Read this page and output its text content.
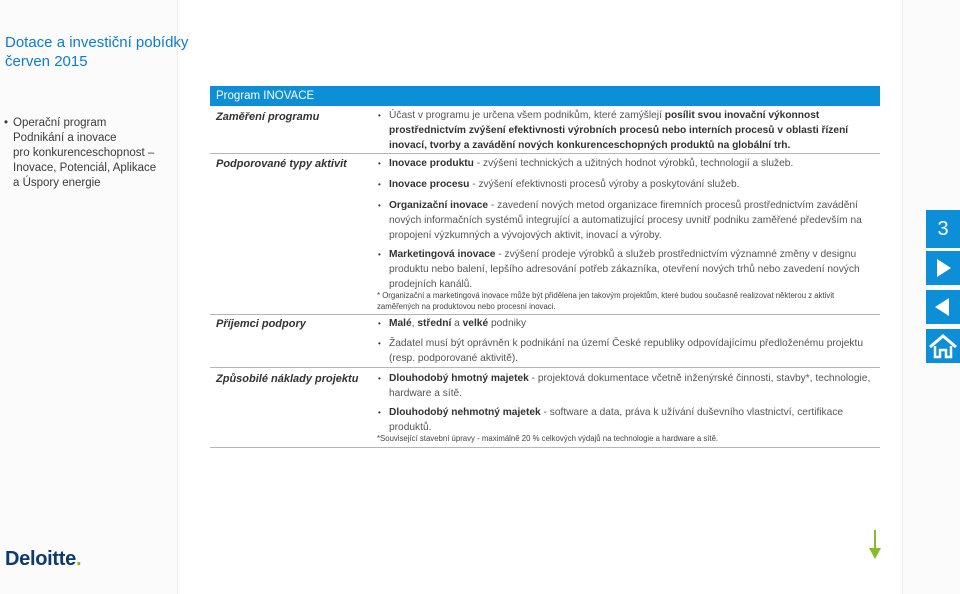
Dotace a investiční pobídky
červen 2015
• Operační program
Podnikání a inovace
pro konkurenceschopnost –
Inovace, Potenciál, Aplikace
a Úspory energie
Deloitte.
3
Program INOVACE
Zaměření programu	• Účast v programu je určena všem podnikům, které zamýšlejí posílit svou inovační výkonnost prostřednictvím zvýšení efektivnosti výrobních procesů nebo interních procesů v oblasti řízení inovací, tvorby a zavádění nových konkurenceschopných produktů na globální trh.
Podporované typy aktivit	• Inovace produktu - zvýšení technických a užitných hodnot výrobků, technologií a služeb.
• Inovace procesu - zvýšení efektivnosti procesů výroby a poskytování služeb.
• Organizační inovace - zavedení nových metod organizace firemních procesů prostřednictvím zavádění nových informačních systémů integrující a automatizující procesy uvnitř podniku zaměřené především na propojení výzkumných a vývojových aktivit, inovací a výroby.
• Marketingová inovace - zvýšení prodeje výrobků a služeb prostřednictvím významné změny v designu produktu nebo balení, lepšího adresování potřeb zákazníka, otevření nových trhů nebo zavedení nových prodejních kanálů.
* Organizační a marketingová inovace může být přidělena jen takovým projektům, které budou současně realizovat některou z aktivit zaměřených na produktovou nebo procesní inovaci.
Příjemci podpory	• Malé, střední a velké podniky
• Žadatel musí být oprávněn k podnikání na území České republiky odpovídajícímu předloženému projektu (resp. podporované aktivitě).
Způsobilé náklady projektu • Dlouhodobý hmotný majetek - projektová dokumentace včetně inženýrské činnosti, stavby*, technologie, hardware a sítě.
• Dlouhodobý nehmotný majetek - software a data, práva k užívání duševního vlastnictví, certifikace produktů.
*Související stavební úpravy - maximálně 20 % celkových výdajů na technologie a hardware a sítě.
